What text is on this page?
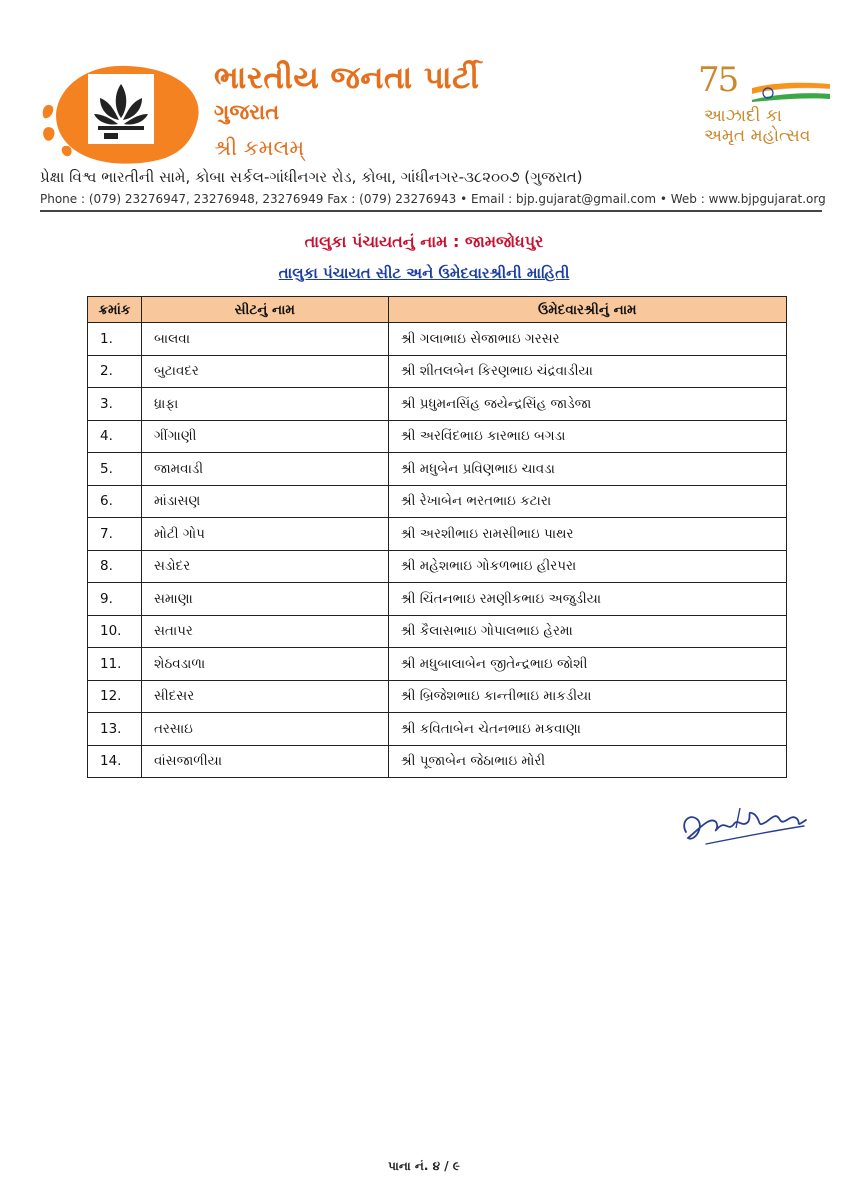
ભારતીય જનતા પાર્ટી
ગુજરાત
શ્રી કમલમ્
75
આઝાદી કા
અમૃત મહોત્સવ
પ્રેક્ષા વિશ્વ ભારતીની સામે, કોબા સર્કલ-ગાંધીનગર રોડ, કોબા, ગાંધીનગર-૩૮૨૦૦૭ (ગુજરાત)
Phone : (079) 23276947, 23276948, 23276949 Fax : (079) 23276943 • Email : bjp.gujarat@gmail.com • Web : www.bjpgujarat.org
તાલુકા પંચાયતનું નામ : જામજોધપુર
તાલુકા પંચાયત સીટ અને ઉમેદવારશ્રીની માહિતી
ક્રમાંક	સીટનું નામ	ઉમેદવારશ્રીનું નામ
1.	બાલવા	શ્રી ગલાભાઇ સેજાભાઇ ગરસર
2.	બુટાવદર	શ્રી શીતલબેન કિરણભાઇ ચંદ્રવાડીયા
3.	ધ્રાફા	શ્રી પ્રધુમનસિંહ જયેન્દ્રસિંહ જાડેજા
4.	ગીંગાણી	શ્રી અરવિંદભાઇ કારભાઇ બગડા
5.	જામવાડી	શ્રી મધુબેન પ્રવિણભાઇ ચાવડા
6.	માંડાસણ	શ્રી રેખાબેન ભરતભાઇ કટારા
7.	મોટી ગોપ	શ્રી અરશીભાઇ રામસીભાઇ પાથર
8.	સડોદર	શ્રી મહેશભાઇ ગોકળભાઇ હીરપરા
9.	સમાણા	શ્રી ચિંતનભાઇ રમણીકભાઇ અજુડીયા
10.	સતાપર	શ્રી કૈલાસભાઇ ગોપાલભાઇ હેરમા
11.	શેઠવડાળા	શ્રી મધુબાલાબેન જીતેન્દ્રભાઇ જોશી
12.	સીદસર	શ્રી બ્રિજેશભાઇ કાન્તીભાઇ માકડીયા
13.	તરસાઇ	શ્રી કવિતાબેન ચેતનભાઇ મકવાણા
14.	વાંસજાળીયા	શ્રી પૂજાબેન જેઠાભાઇ મોરી
પાના નં. ૪ / ૯
